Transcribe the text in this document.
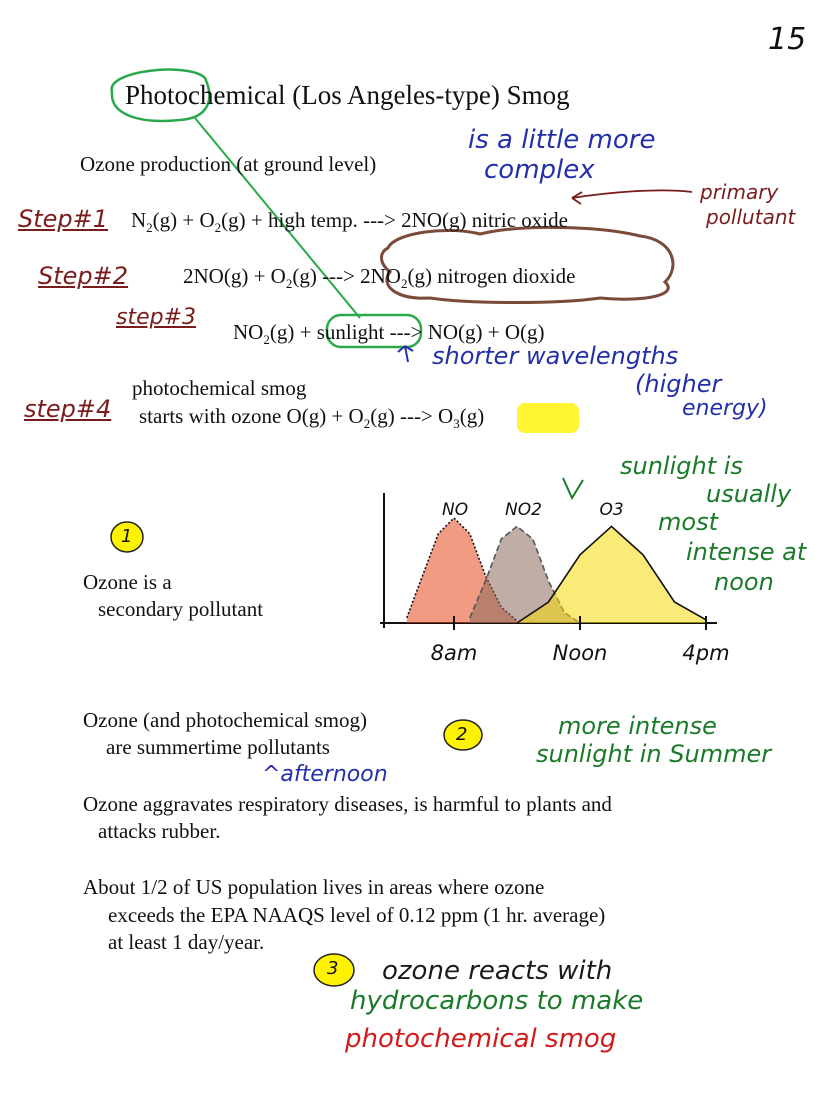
15
Photochemical (Los Angeles-type) Smog
Ozone production (at ground level)
is a little more
complex
primary
pollutant
Step#1 $N_2(g) + O_2(g)$ + high temp. ---> 2NO(g) nitric oxide
Step#2	$2NO(g) + O_2(g)$ ---> $2NO_2(g)$ nitrogen dioxide
step#3
$NO_2(g)$ + sunlight ---> NO(g) + O(g)
shorter wavelengths
(higher
energy)
step#4
photochemical smog
starts with ozone $O(g) + O_2(g)$ ---> $O_3(g)$
sunlight is
usually
most
intense at
noon
1
Ozone is a
secondary pollutant
NO NO2	O3
8am	Noon	4pm
Ozone (and photochemical smog)
are summertime pollutants
2
^afternoon
more intense
sunlight in Summer
Ozone aggravates respiratory diseases, is harmful to plants and
attacks rubber.
About 1/2 of US population lives in areas where ozone
exceeds the EPA NAAQS level of 0.12 ppm (1 hr. average)
at least 1 day/year.
3 ozone reacts with
hydrocarbons to make
photochemical smog
